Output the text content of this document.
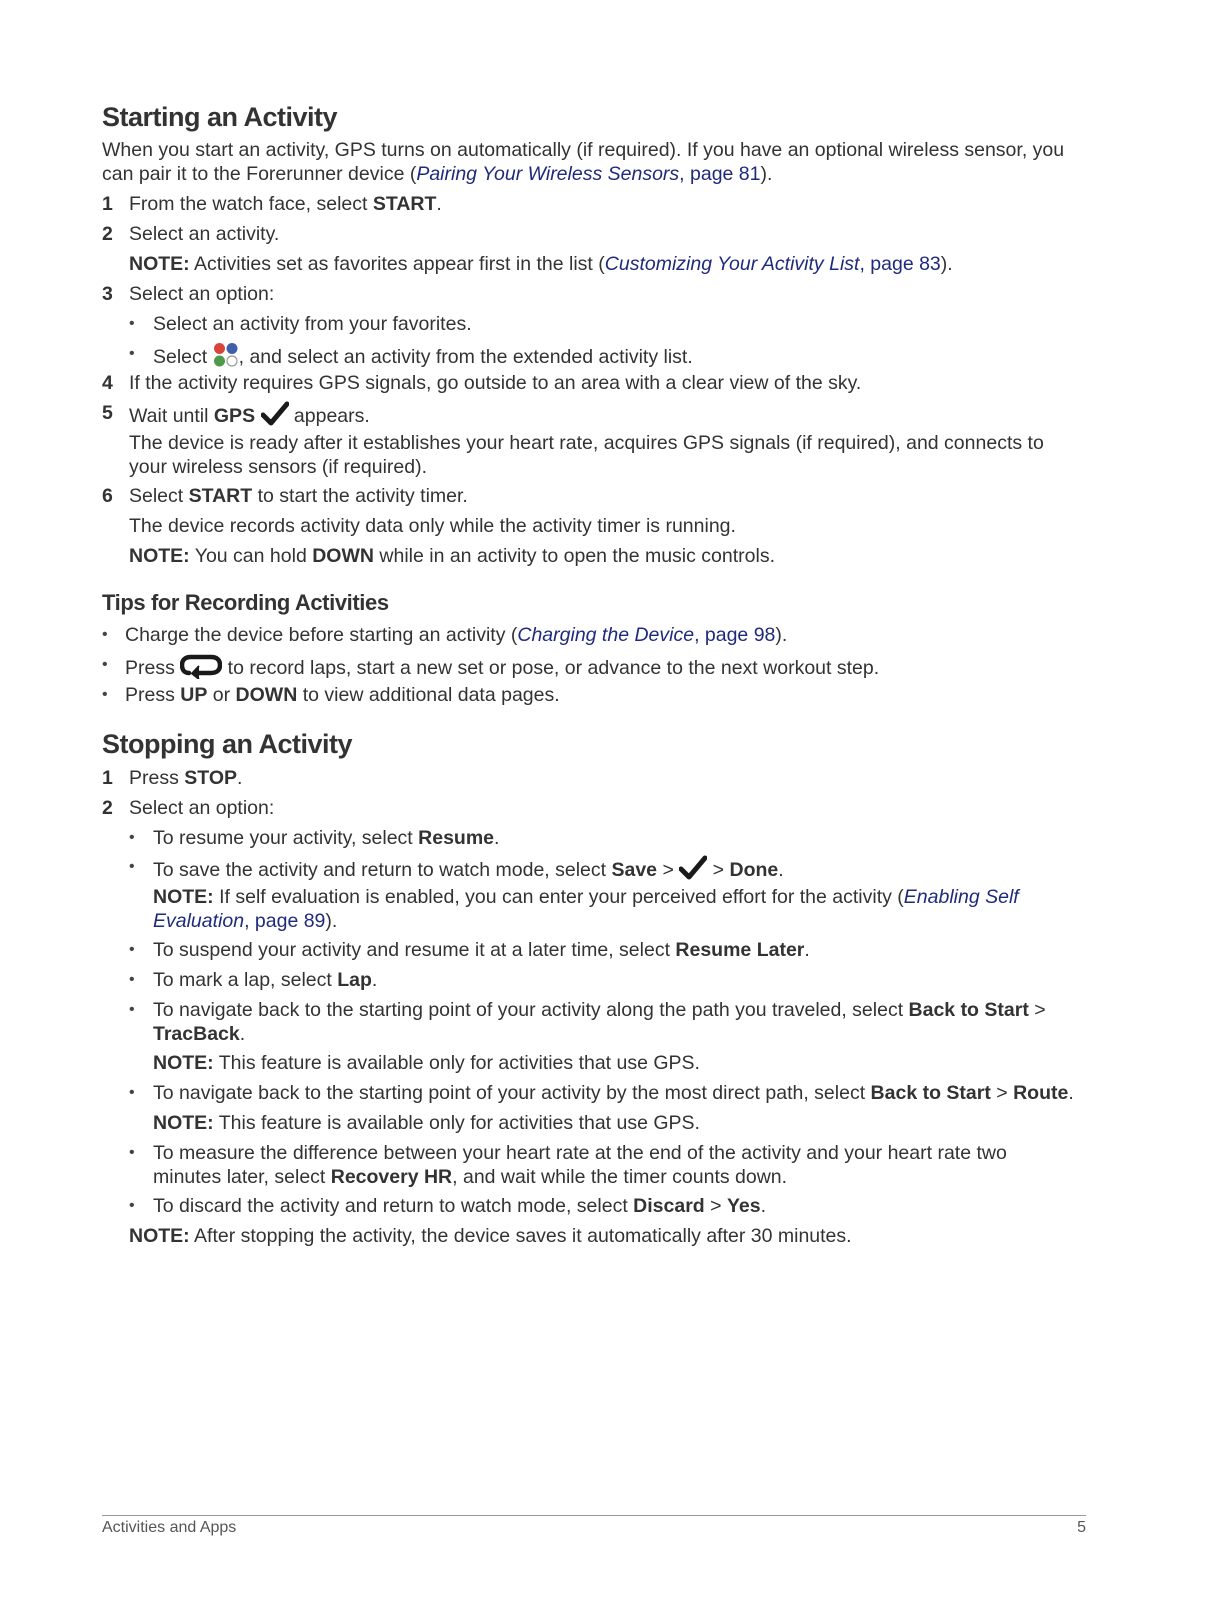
Starting an Activity
When you start an activity, GPS turns on automatically (if required). If you have an optional wireless sensor, you
can pair it to the Forerunner device (Pairing Your Wireless Sensors, page 81).
1 From the watch face, select START.
2 Select an activity.
NOTE: Activities set as favorites appear first in the list (Customizing Your Activity List, page 83).
3 Select an option:
• Select an activity from your favorites.
• Select , and select an activity from the extended activity list.
4 If the activity requires GPS signals, go outside to an area with a clear view of the sky.
5 Wait until GPS  appears.
The device is ready after it establishes your heart rate, acquires GPS signals (if required), and connects to
your wireless sensors (if required).
6 Select START to start the activity timer.
The device records activity data only while the activity timer is running.
NOTE: You can hold DOWN while in an activity to open the music controls.
Tips for Recording Activities
• Charge the device before starting an activity (Charging the Device, page 98).
• Press  to record laps, start a new set or pose, or advance to the next workout step.
• Press UP or DOWN to view additional data pages.
Stopping an Activity
1 Press STOP.
2 Select an option:
• To resume your activity, select Resume.
• To save the activity and return to watch mode, select Save >  > Done.
NOTE: If self evaluation is enabled, you can enter your perceived effort for the activity (Enabling Self
Evaluation, page 89).
• To suspend your activity and resume it at a later time, select Resume Later.
• To mark a lap, select Lap.
• To navigate back to the starting point of your activity along the path you traveled, select Back to Start >
TracBack.
NOTE: This feature is available only for activities that use GPS.
• To navigate back to the starting point of your activity by the most direct path, select Back to Start > Route.
NOTE: This feature is available only for activities that use GPS.
• To measure the difference between your heart rate at the end of the activity and your heart rate two
minutes later, select Recovery HR, and wait while the timer counts down.
• To discard the activity and return to watch mode, select Discard > Yes.
NOTE: After stopping the activity, the device saves it automatically after 30 minutes.
Activities and Apps	5
